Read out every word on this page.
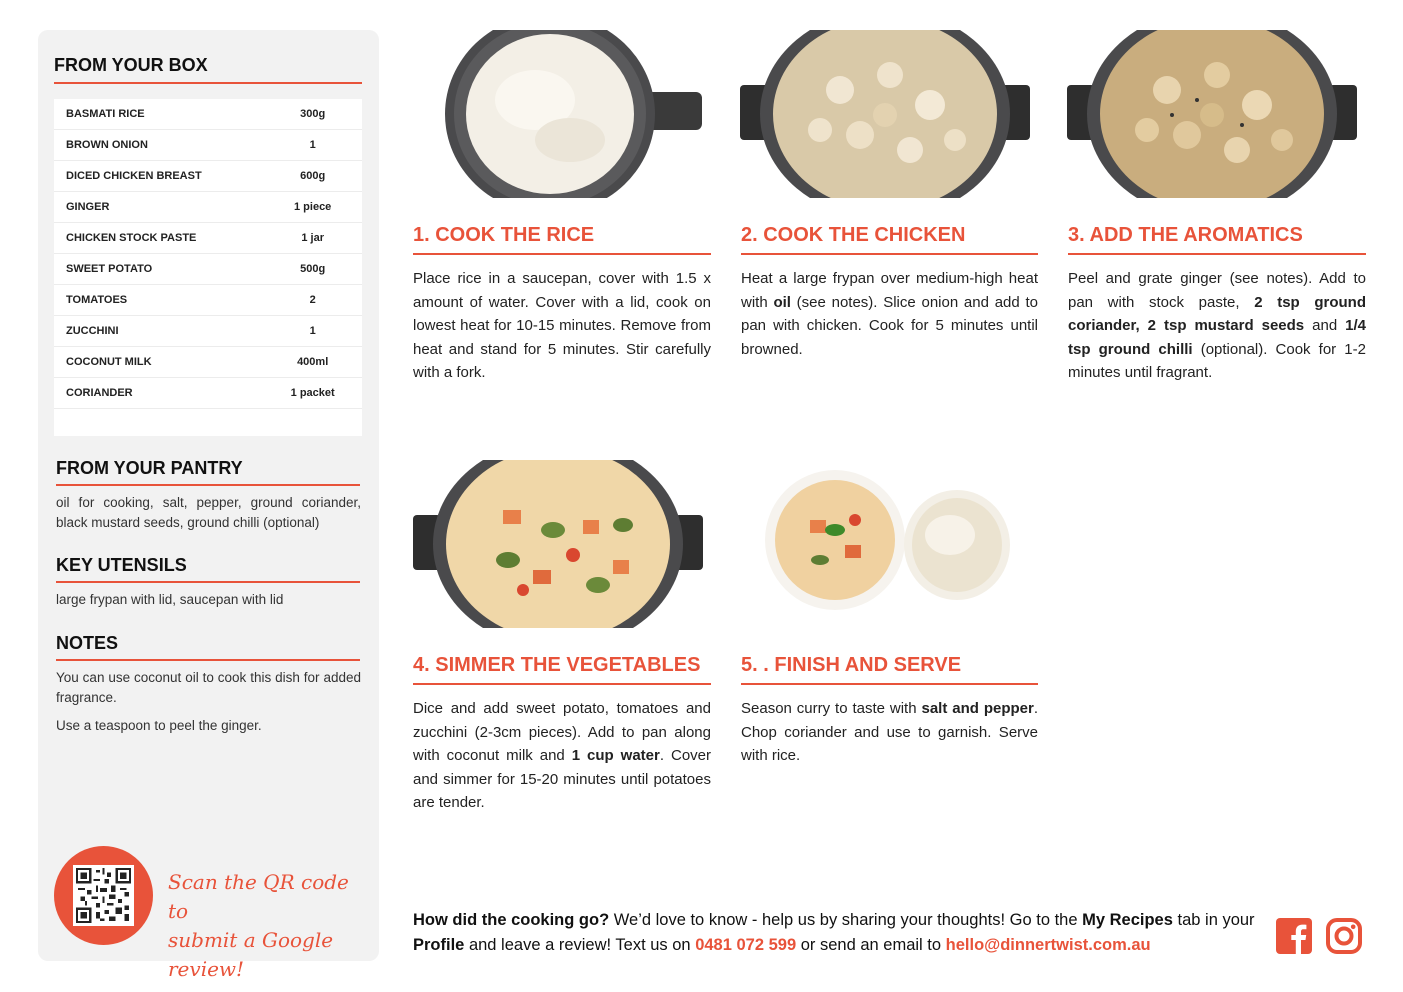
FROM YOUR BOX
BASMATI RICE	300g
BROWN ONION	1
DICED CHICKEN BREAST	600g
GINGER	1 piece
CHICKEN STOCK PASTE	1 jar
SWEET POTATO	500g
TOMATOES	2
ZUCCHINI	1
COCONUT MILK	400ml
CORIANDER	1 packet
FROM YOUR PANTRY
oil for cooking, salt, pepper, ground coriander, black mustard seeds, ground chilli (optional)
KEY UTENSILS
large frypan with lid, saucepan with lid
NOTES

You can use coconut oil to cook this dish for added fragrance.

Use a teaspoon to peel the ginger.

Scan the QR code to
submit a Google review!
1. COOK THE RICE
Place rice in a saucepan, cover with 1.5 x amount of water. Cover with a lid, cook on lowest heat for 10-15 minutes. Remove from heat and stand for 5 minutes. Stir carefully with a fork.
2. COOK THE CHICKEN
Heat a large frypan over medium-high heat with oil (see notes). Slice onion and add to pan with chicken. Cook for 5 minutes until browned.
3. ADD THE AROMATICS
Peel and grate ginger (see notes). Add to pan with stock paste, 2 tsp ground coriander, 2 tsp mustard seeds and 1/4 tsp ground chilli (optional). Cook for 1-2 minutes until fragrant.
4. SIMMER THE VEGETABLES
Dice and add sweet potato, tomatoes and zucchini (2-3cm pieces). Add to pan along with coconut milk and 1 cup water. Cover and simmer for 15-20 minutes until potatoes are tender.
5. . FINISH AND SERVE
Season curry to taste with salt and pepper. Chop coriander and use to garnish. Serve with rice.
How did the cooking go? We’d love to know - help us by sharing your thoughts! Go to the My Recipes tab in your Profile and leave a review! Text us on 0481 072 599 or send an email to hello@dinnertwist.com.au
